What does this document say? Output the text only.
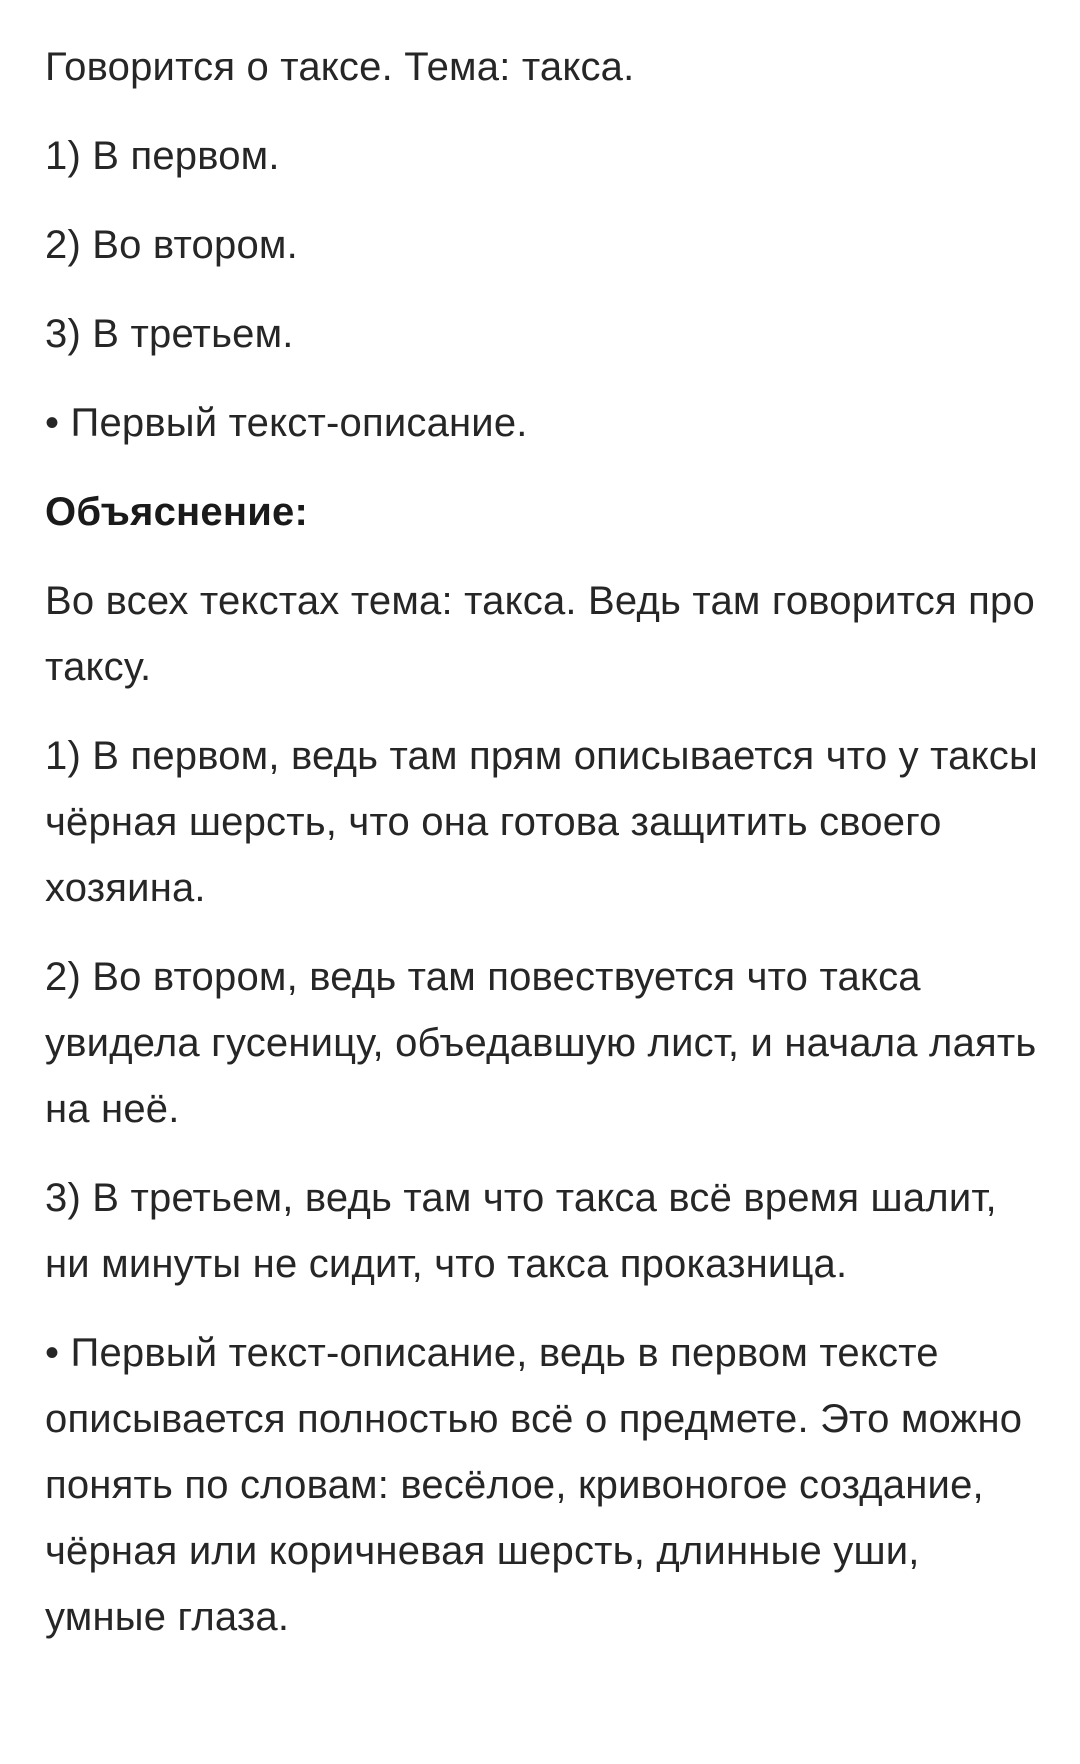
Говорится о таксе. Тема: такса.

1) В первом.

2) Во втором.

3) В третьем.

• Первый текст-описание.

Объяснение:

Во всех текстах тема: такса. Ведь там говорится про таксу.

1) В первом, ведь там прям описывается что у таксы чёрная шерсть, что она готова защитить своего хозяина.

2) Во втором, ведь там повествуется что такса увидела гусеницу, объедавшую лист, и начала лаять на неё.

3) В третьем, ведь там что такса всё время шалит, ни минуты не сидит, что такса проказница.

• Первый текст-описание, ведь в первом тексте описывается полностью всё о предмете. Это можно понять по словам: весёлое, кривоногое создание, чёрная или коричневая шерсть, длинные уши, умные глаза.
